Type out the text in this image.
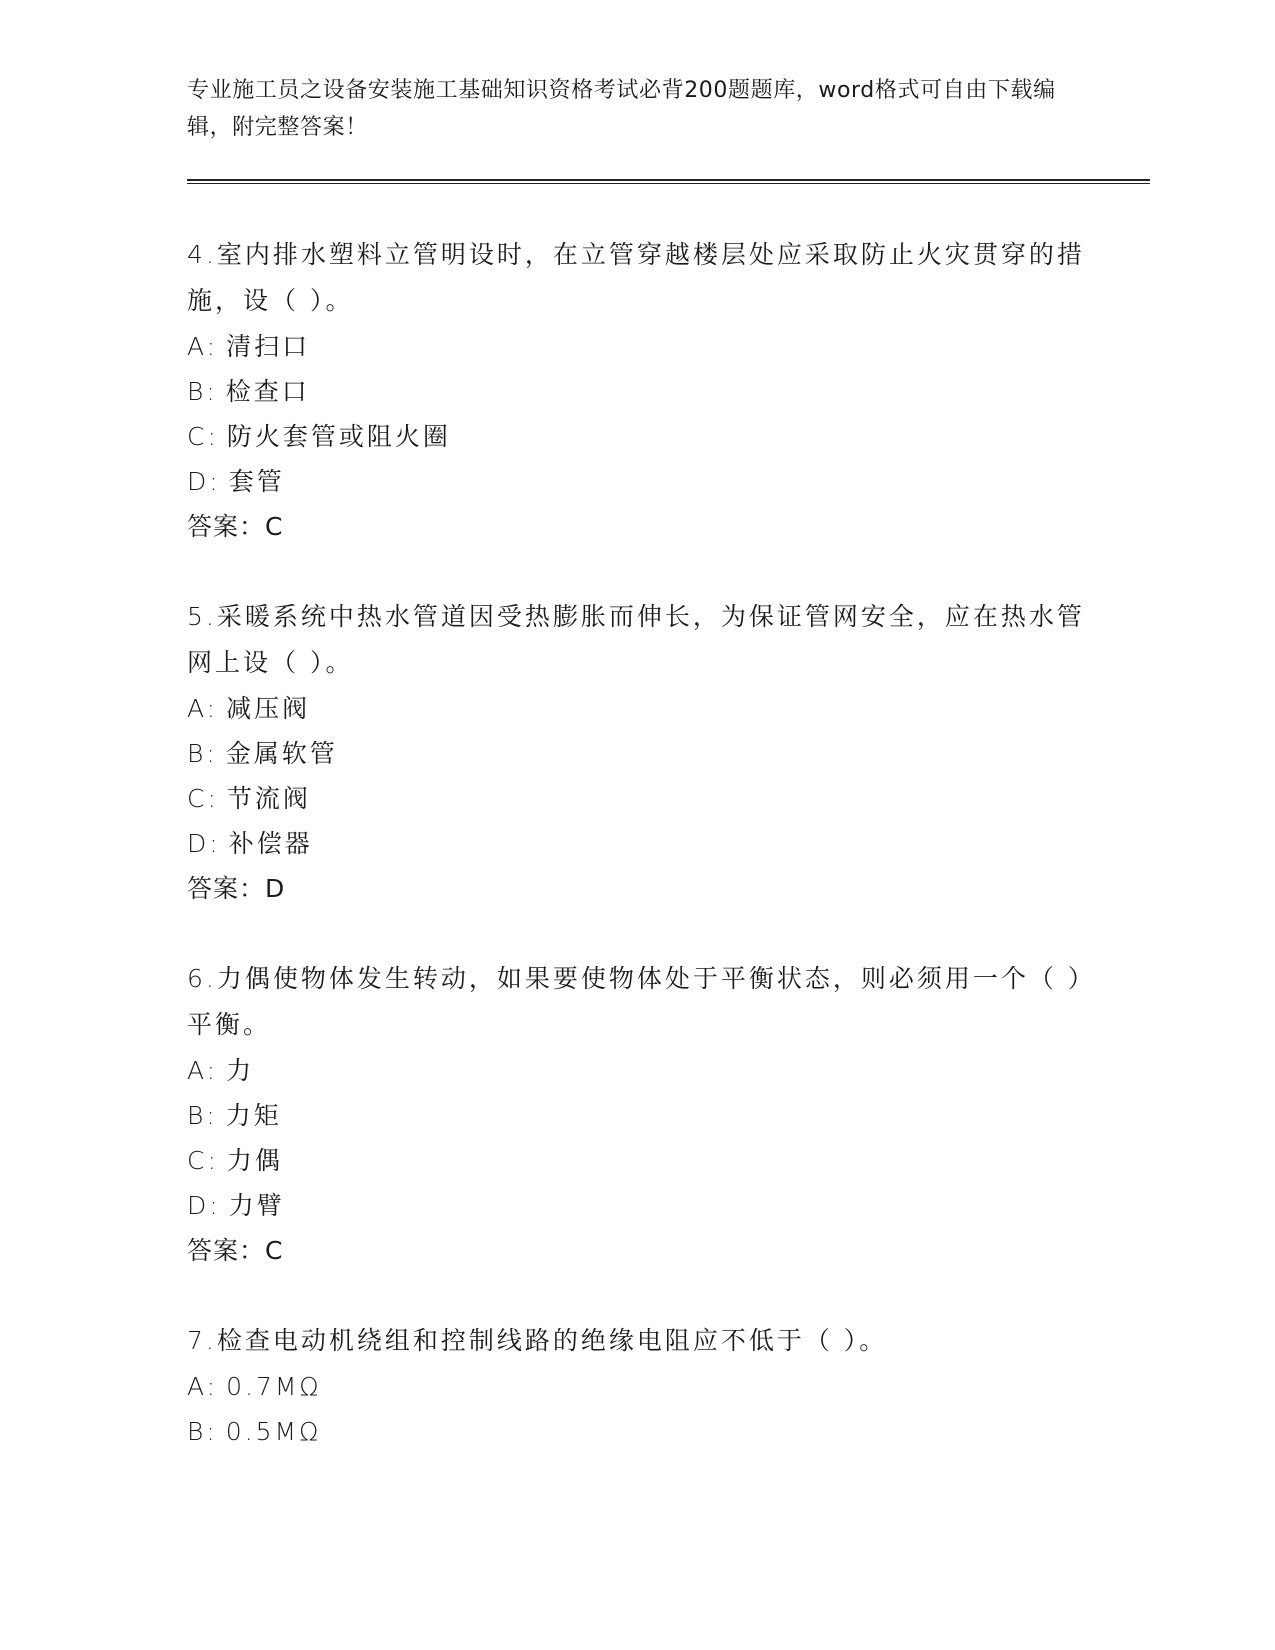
专业施工员之设备安装施工基础知识资格考试必背200题题库，word格式可自由下载编辑，附完整答案！
4.室内排水塑料立管明设时，在立管穿越楼层处应采取防止火灾贯穿的措施，设（ ）。
A: 清扫口
B: 检查口
C: 防火套管或阻火圈
D: 套管
答案：C
5.采暖系统中热水管道因受热膨胀而伸长，为保证管网安全，应在热水管网上设（ ）。
A: 减压阀
B: 金属软管
C: 节流阀
D: 补偿器
答案：D
6.力偶使物体发生转动，如果要使物体处于平衡状态，则必须用一个（ ）平衡。
A: 力
B: 力矩
C: 力偶
D: 力臂
答案：C
7.检查电动机绕组和控制线路的绝缘电阻应不低于（ ）。
A: 0.7MΩ
B: 0.5MΩ
